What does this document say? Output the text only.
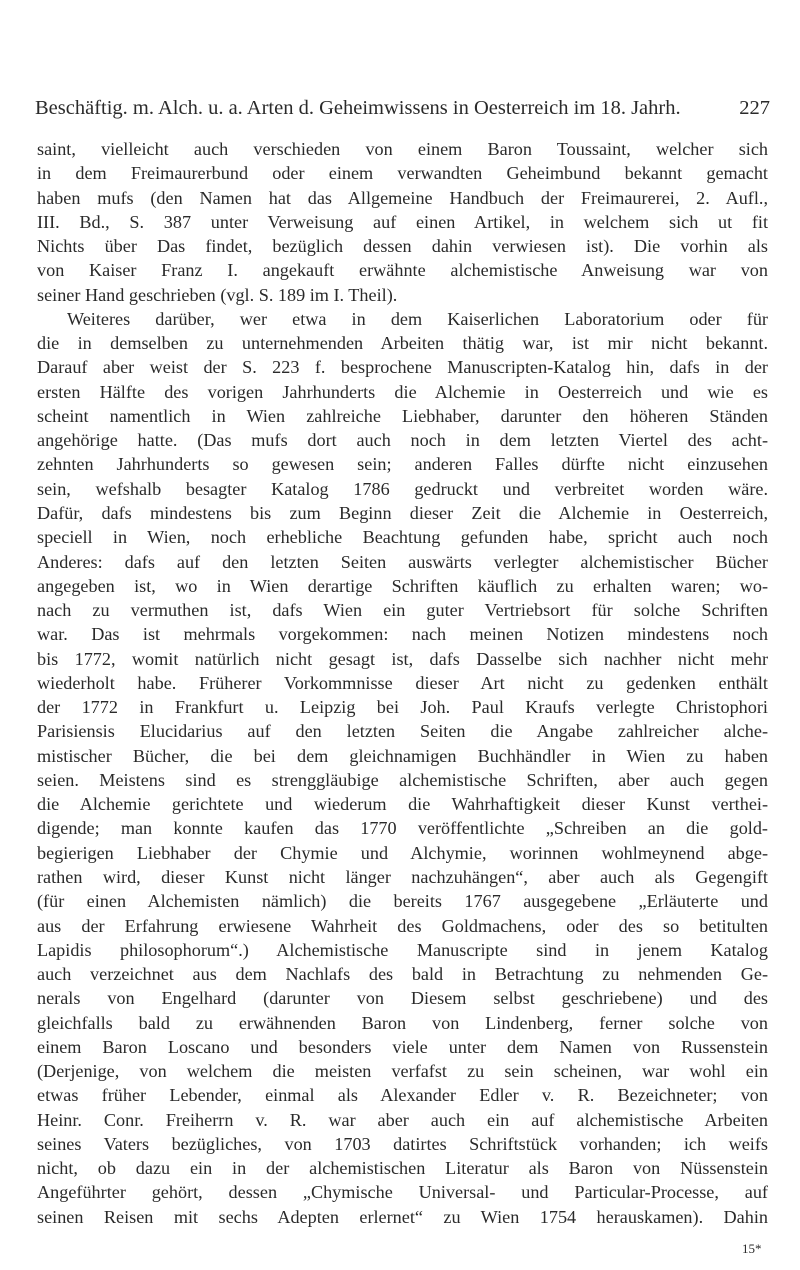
Beschäftig. m. Alch. u. a. Arten d. Geheimwissens in Oesterreich im 18. Jahrh.	227
saint, vielleicht auch verschieden von einem Baron Toussaint, welcher sich
in dem Freimaurerbund oder einem verwandten Geheimbund bekannt gemacht
haben mufs (den Namen hat das Allgemeine Handbuch der Freimaurerei, 2. Aufl.,
III. Bd., S. 387 unter Verweisung auf einen Artikel, in welchem sich ut fit
Nichts über Das findet, bezüglich dessen dahin verwiesen ist). Die vorhin als
von Kaiser Franz I. angekauft erwähnte alchemistische Anweisung war von
seiner Hand geschrieben (vgl. S. 189 im I. Theil).
Weiteres darüber, wer etwa in dem Kaiserlichen Laboratorium oder für
die in demselben zu unternehmenden Arbeiten thätig war, ist mir nicht bekannt.
Darauf aber weist der S. 223 f. besprochene Manuscripten-Katalog hin, dafs in der
ersten Hälfte des vorigen Jahrhunderts die Alchemie in Oesterreich und wie es
scheint namentlich in Wien zahlreiche Liebhaber, darunter den höheren Ständen
angehörige hatte. (Das mufs dort auch noch in dem letzten Viertel des acht-
zehnten Jahrhunderts so gewesen sein; anderen Falles dürfte nicht einzusehen
sein, wefshalb besagter Katalog 1786 gedruckt und verbreitet worden wäre.
Dafür, dafs mindestens bis zum Beginn dieser Zeit die Alchemie in Oesterreich,
speciell in Wien, noch erhebliche Beachtung gefunden habe, spricht auch noch
Anderes: dafs auf den letzten Seiten auswärts verlegter alchemistischer Bücher
angegeben ist, wo in Wien derartige Schriften käuflich zu erhalten waren; wo-
nach zu vermuthen ist, dafs Wien ein guter Vertriebsort für solche Schriften
war. Das ist mehrmals vorgekommen: nach meinen Notizen mindestens noch
bis 1772, womit natürlich nicht gesagt ist, dafs Dasselbe sich nachher nicht mehr
wiederholt habe. Früherer Vorkommnisse dieser Art nicht zu gedenken enthält
der 1772 in Frankfurt u. Leipzig bei Joh. Paul Kraufs verlegte Christophori
Parisiensis Elucidarius auf den letzten Seiten die Angabe zahlreicher alche-
mistischer Bücher, die bei dem gleichnamigen Buchhändler in Wien zu haben
seien. Meistens sind es strenggläubige alchemistische Schriften, aber auch gegen
die Alchemie gerichtete und wiederum die Wahrhaftigkeit dieser Kunst verthei-
digende; man konnte kaufen das 1770 veröffentlichte „Schreiben an die gold-
begierigen Liebhaber der Chymie und Alchymie, worinnen wohlmeynend abge-
rathen wird, dieser Kunst nicht länger nachzuhängen“, aber auch als Gegengift
(für einen Alchemisten nämlich) die bereits 1767 ausgegebene „Erläuterte und
aus der Erfahrung erwiesene Wahrheit des Goldmachens, oder des so betitulten
Lapidis philosophorum“.) Alchemistische Manuscripte sind in jenem Katalog
auch verzeichnet aus dem Nachlafs des bald in Betrachtung zu nehmenden Ge-
nerals von Engelhard (darunter von Diesem selbst geschriebene) und des
gleichfalls bald zu erwähnenden Baron von Lindenberg, ferner solche von
einem Baron Loscano und besonders viele unter dem Namen von Russenstein
(Derjenige, von welchem die meisten verfafst zu sein scheinen, war wohl ein
etwas früher Lebender, einmal als Alexander Edler v. R. Bezeichneter; von
Heinr. Conr. Freiherrn v. R. war aber auch ein auf alchemistische Arbeiten
seines Vaters bezügliches, von 1703 datirtes Schriftstück vorhanden; ich weifs
nicht, ob dazu ein in der alchemistischen Literatur als Baron von Nüssenstein
Angeführter gehört, dessen „Chymische Universal- und Particular-Processe, auf
seinen Reisen mit sechs Adepten erlernet“ zu Wien 1754 herauskamen). Dahin
15*
